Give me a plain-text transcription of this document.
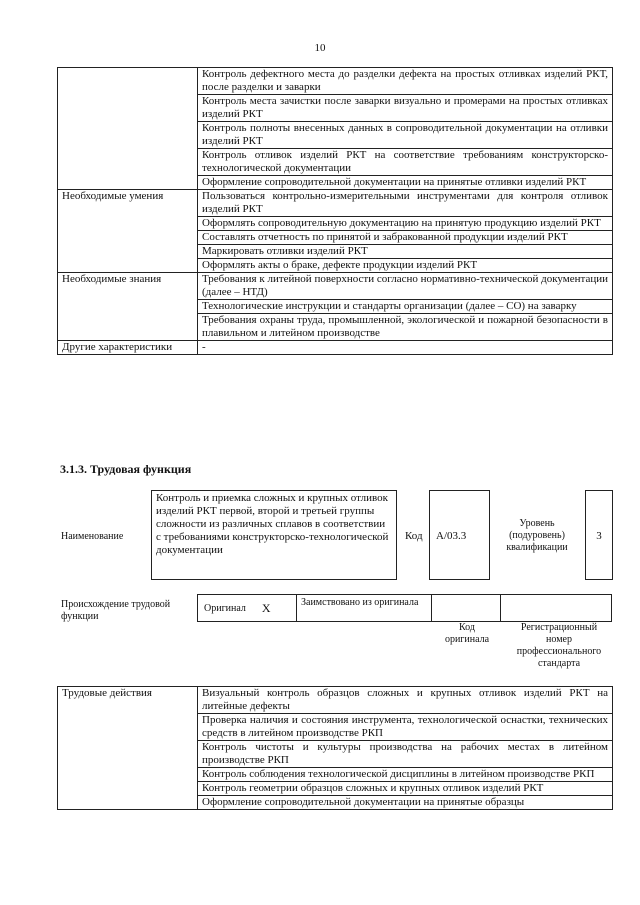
10
	Контроль дефектного места до разделки дефекта на простых отливках изделий РКТ, после разделки и заварки
	Контроль места зачистки после заварки визуально и промерами на простых отливках изделий РКТ
	Контроль полноты внесенных данных в сопроводительной документации на отливки изделий РКТ
	Контроль отливок изделий РКТ на соответствие требованиям конструкторско-технологической документации
	Оформление сопроводительной документации на принятые отливки изделий РКТ
Необходимые умения	Пользоваться контрольно-измерительными инструментами для контроля отливок изделий РКТ
	Оформлять сопроводительную документацию на принятую продукцию изделий РКТ
	Составлять отчетность по принятой и забракованной продукции изделий РКТ
	Маркировать отливки изделий РКТ
	Оформлять акты о браке, дефекте продукции изделий РКТ
Необходимые знания	Требования к литейной поверхности согласно нормативно-технической документации (далее – НТД)
	Технологические инструкции и стандарты организации (далее – СО) на заварку
	Требования охраны труда, промышленной, экологической и пожарной безопасности в плавильном и литейном производстве
Другие характеристики	-
3.1.3. Трудовая функция
Наименование
Контроль и приемка сложных и крупных отливок изделий РКТ первой, второй и третьей группы сложности из различных сплавов в соответствии с требованиями конструкторско-технологической документации
Код	А/03.3
Уровень (подуровень) квалификации
3
Происхождение трудовой функции
Оригинал X	Заимствовано из оригинала
Код оригинала
Регистрационный номер профессионального стандарта
Трудовые действия	Визуальный контроль образцов сложных и крупных отливок изделий РКТ на литейные дефекты
Проверка наличия и состояния инструмента, технологической оснастки, технических средств в литейном производстве РКП
Контроль чистоты и культуры производства на рабочих местах в литейном производстве РКП
Контроль соблюдения технологической дисциплины в литейном производстве РКП
Контроль геометрии образцов сложных и крупных отливок изделий РКТ
Оформление сопроводительной документации на принятые образцы
